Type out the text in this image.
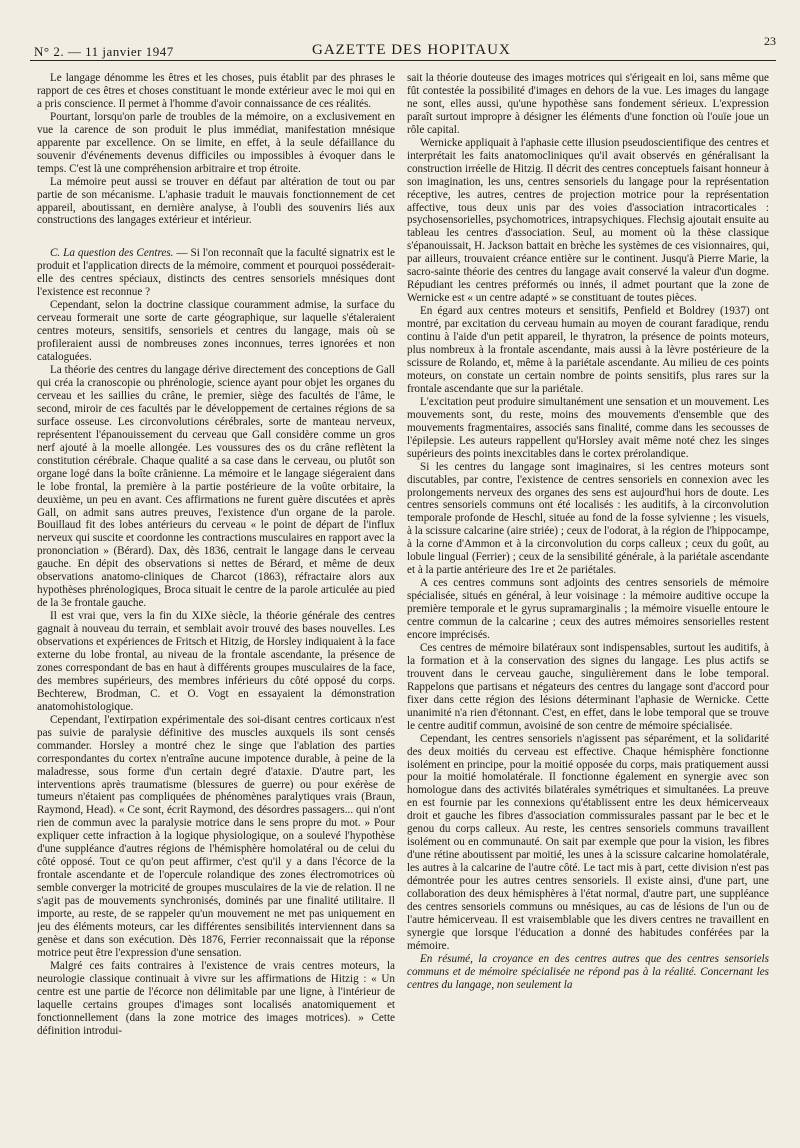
N° 2. — 11 janvier 1947	GAZETTE DES HOPITAUX
23

Le langage dénomme les êtres et les choses, puis établit par des phrases le rapport de ces êtres et choses constituant le monde extérieur avec le moi qui en a pris conscience. Il permet à l'homme d'avoir connaissance de ces réalités.

Pourtant, lorsqu'on parle de troubles de la mémoire, on a exclusivement en vue la carence de son produit le plus immédiat, manifestation mnésique apparente par excellence. On se limite, en effet, à la seule défaillance du souvenir d'événements devenus difficiles ou impossibles à évoquer dans le temps. C'est là une compréhension arbitraire et trop étroite.

La mémoire peut aussi se trouver en défaut par altération de tout ou par partie de son mécanisme. L'aphasie traduit le mauvais fonctionnement de cet appareil, aboutissant, en dernière analyse, à l'oubli des souvenirs liés aux constructions des langages extérieur et intérieur.

C. La question des Centres. — Si l'on reconnaît que la faculté signatrix est le produit et l'application directs de la mémoire, comment et pourquoi posséderait-elle des centres spéciaux, distincts des centres sensoriels mnésiques dont l'existence est reconnue ?

Cependant, selon la doctrine classique couramment admise, la surface du cerveau formerait une sorte de carte géographique, sur laquelle s'étaleraient centres moteurs, sensitifs, sensoriels et centres du langage, mais où se profileraient aussi de nombreuses zones inconnues, terres ignorées et non cataloguées.

La théorie des centres du langage dérive directement des conceptions de Gall qui créa la cranoscopie ou phrénologie, science ayant pour objet les organes du cerveau et les saillies du crâne, le premier, siège des facultés de l'âme, le second, miroir de ces facultés par le développement de certaines régions de sa surface osseuse. Les circonvolutions cérébrales, sorte de manteau nerveux, représentent l'épanouissement du cerveau que Gall considère comme un gros nerf ajouté à la moelle allongée. Les voussures des os du crâne reflètent la constitution cérébrale. Chaque qualité a sa case dans le cerveau, ou plutôt son organe logé dans la boîte crânienne. La mémoire et le langage siégeraient dans le lobe frontal, la première à la partie postérieure de la voûte orbitaire, la deuxième, un peu en avant. Ces affirmations ne furent guère discutées et après Gall, on admit sans autres preuves, l'existence d'un organe de la parole. Bouillaud fit des lobes antérieurs du cerveau « le point de départ de l'influx nerveux qui suscite et coordonne les contractions musculaires en rapport avec la prononciation » (Bérard). Dax, dès 1836, centrait le langage dans le cerveau gauche. En dépit des observations si nettes de Bérard, et même de deux observations anatomo-cliniques de Charcot (1863), réfractaire alors aux hypothèses phrénologiques, Broca situait le centre de la parole articulée au pied de la 3e frontale gauche.

Il est vrai que, vers la fin du XIXe siècle, la théorie générale des centres gagnait à nouveau du terrain, et semblait avoir trouvé des bases nouvelles. Les observations et expériences de Fritsch et Hitzig, de Horsley indiquaient à la face externe du lobe frontal, au niveau de la frontale ascendante, la présence de zones correspondant de bas en haut à différents groupes musculaires de la face, des membres supérieurs, des membres inférieurs du côté opposé du corps. Bechterew, Brodman, C. et O. Vogt en essayaient la démonstration anatomohistologique.

Cependant, l'extirpation expérimentale des soi-disant centres corticaux n'est pas suivie de paralysie définitive des muscles auxquels ils sont censés commander. Horsley a montré chez le singe que l'ablation des parties correspondantes du cortex n'entraîne aucune impotence durable, à peine de la maladresse, sous forme d'un certain degré d'ataxie. D'autre part, les interventions après traumatisme (blessures de guerre) ou pour exérèse de tumeurs n'étaient pas compliquées de phénomènes paralytiques vrais (Braun, Raymond, Head). « Ce sont, écrit Raymond, des désordres passagers... qui n'ont rien de commun avec la paralysie motrice dans le sens propre du mot. » Pour expliquer cette infraction à la logique physiologique, on a soulevé l'hypothèse d'une suppléance d'autres régions de l'hémisphère homolatéral ou de celui du côté opposé. Tout ce qu'on peut affirmer, c'est qu'il y a dans l'écorce de la frontale ascendante et de l'opercule rolandique des zones électromotrices où semble converger la motricité de groupes musculaires de la vie de relation. Il ne s'agit pas de mouvements synchronisés, dominés par une finalité utilitaire. Il importe, au reste, de se rappeler qu'un mouvement ne met pas uniquement en jeu des éléments moteurs, car les différentes sensibilités interviennent dans sa genèse et dans son exécution. Dès 1876, Ferrier reconnaissait que la réponse motrice peut être l'expression d'une sensation.

Malgré ces faits contraires à l'existence de vrais centres moteurs, la neurologie classique continuait à vivre sur les affirmations de Hitzig : « Un centre est une partie de l'écorce non délimitable par une ligne, à l'intérieur de laquelle certains groupes d'images sont localisés anatomiquement et fonctionnellement (dans la zone motrice des images motrices). » Cette définition introdui-

sait la théorie douteuse des images motrices qui s'érigeait en loi, sans même que fût contestée la possibilité d'images en dehors de la vue. Les images du langage ne sont, elles aussi, qu'une hypothèse sans fondement sérieux. L'expression paraît surtout impropre à désigner les éléments d'une fonction où l'ouïe joue un rôle capital.

Wernicke appliquait à l'aphasie cette illusion pseudoscientifique des centres et interprétait les faits anatomocliniques qu'il avait observés en généralisant la construction irréelle de Hitzig. Il décrit des centres conceptuels faisant honneur à son imagination, les uns, centres sensoriels du langage pour la représentation réceptive, les autres, centres de projection motrice pour la représentation affective, tous deux unis par des voies d'association intracorticales : psychosensorielles, psychomotrices, intrapsychiques. Flechsig ajoutait ensuite au tableau les centres d'association. Seul, au moment où la thèse classique s'épanouissait, H. Jackson battait en brèche les systèmes de ces visionnaires, qui, par ailleurs, trouvaient créance entière sur le continent. Jusqu'à Pierre Marie, la sacro-sainte théorie des centres du langage avait conservé la valeur d'un dogme. Répudiant les centres préformés ou innés, il admet pourtant que la zone de Wernicke est « un centre adapté » se constituant de toutes pièces.

En égard aux centres moteurs et sensitifs, Penfield et Boldrey (1937) ont montré, par excitation du cerveau humain au moyen de courant faradique, rendu continu à l'aide d'un petit appareil, le thyratron, la présence de points moteurs, plus nombreux à la frontale ascendante, mais aussi à la lèvre postérieure de la scissure de Rolando, et, même à la pariétale ascendante. Au milieu de ces points moteurs, on constate un certain nombre de points sensitifs, plus rares sur la frontale ascendante que sur la pariétale.

L'excitation peut produire simultanément une sensation et un mouvement. Les mouvements sont, du reste, moins des mouvements d'ensemble que des mouvements fragmentaires, associés sans finalité, comme dans les secousses de l'épilepsie. Les auteurs rappellent qu'Horsley avait même noté chez les singes supérieurs des points inexcitables dans le cortex prérolandique.

Si les centres du langage sont imaginaires, si les centres moteurs sont discutables, par contre, l'existence de centres sensoriels en connexion avec les prolongements nerveux des organes des sens est aujourd'hui hors de doute. Les centres sensoriels communs ont été localisés : les auditifs, à la circonvolution temporale profonde de Heschl, située au fond de la fosse sylvienne ; les visuels, à la scissure calcarine (aire striée) ; ceux de l'odorat, à la région de l'hippocampe, à la corne d'Ammon et à la circonvolution du corps calleux ; ceux du goût, au lobule lingual (Ferrier) ; ceux de la sensibilité générale, à la pariétale ascendante et à la partie antérieure des 1re et 2e pariétales.

A ces centres communs sont adjoints des centres sensoriels de mémoire spécialisée, situés en général, à leur voisinage : la mémoire auditive occupe la première temporale et le gyrus supramarginalis ; la mémoire visuelle entoure le centre commun de la calcarine ; ceux des autres mémoires sensorielles restent encore imprécisés.

Ces centres de mémoire bilatéraux sont indispensables, surtout les auditifs, à la formation et à la conservation des signes du langage. Les plus actifs se trouvent dans le cerveau gauche, singulièrement dans le lobe temporal. Rappelons que partisans et négateurs des centres du langage sont d'accord pour fixer dans cette région des lésions déterminant l'aphasie de Wernicke. Cette unanimité n'a rien d'étonnant. C'est, en effet, dans le lobe temporal que se trouve le centre auditif commun, avoisiné de son centre de mémoire spécialisée.

Cependant, les centres sensoriels n'agissent pas séparément, et la solidarité des deux moitiés du cerveau est effective. Chaque hémisphère fonctionne isolément en principe, pour la moitié opposée du corps, mais pratiquement aussi pour la moitié homolatérale. Il fonctionne également en synergie avec son homologue dans des activités bilatérales symétriques et simultanées. La preuve en est fournie par les connexions qu'établissent entre les deux hémicerveaux droit et gauche les fibres d'association commissurales passant par le bec et le genou du corps calleux. Au reste, les centres sensoriels communs travaillent isolément ou en communauté. On sait par exemple que pour la vision, les fibres d'une rétine aboutissent par moitié, les unes à la scissure calcarine homolatérale, les autres à la calcarine de l'autre côté. Le tact mis à part, cette division n'est pas démontrée pour les autres centres sensoriels. Il existe ainsi, d'une part, une collaboration des deux hémisphères à l'état normal, d'autre part, une suppléance des centres sensoriels communs ou mnésiques, au cas de lésions de l'un ou de l'autre hémicerveau. Il est vraisemblable que les divers centres ne travaillent en synergie que lorsque l'éducation a donné des habitudes conférées par la mémoire.

En résumé, la croyance en des centres autres que des centres sensoriels communs et de mémoire spécialisée ne répond pas à la réalité. Concernant les centres du langage, non seulement la
